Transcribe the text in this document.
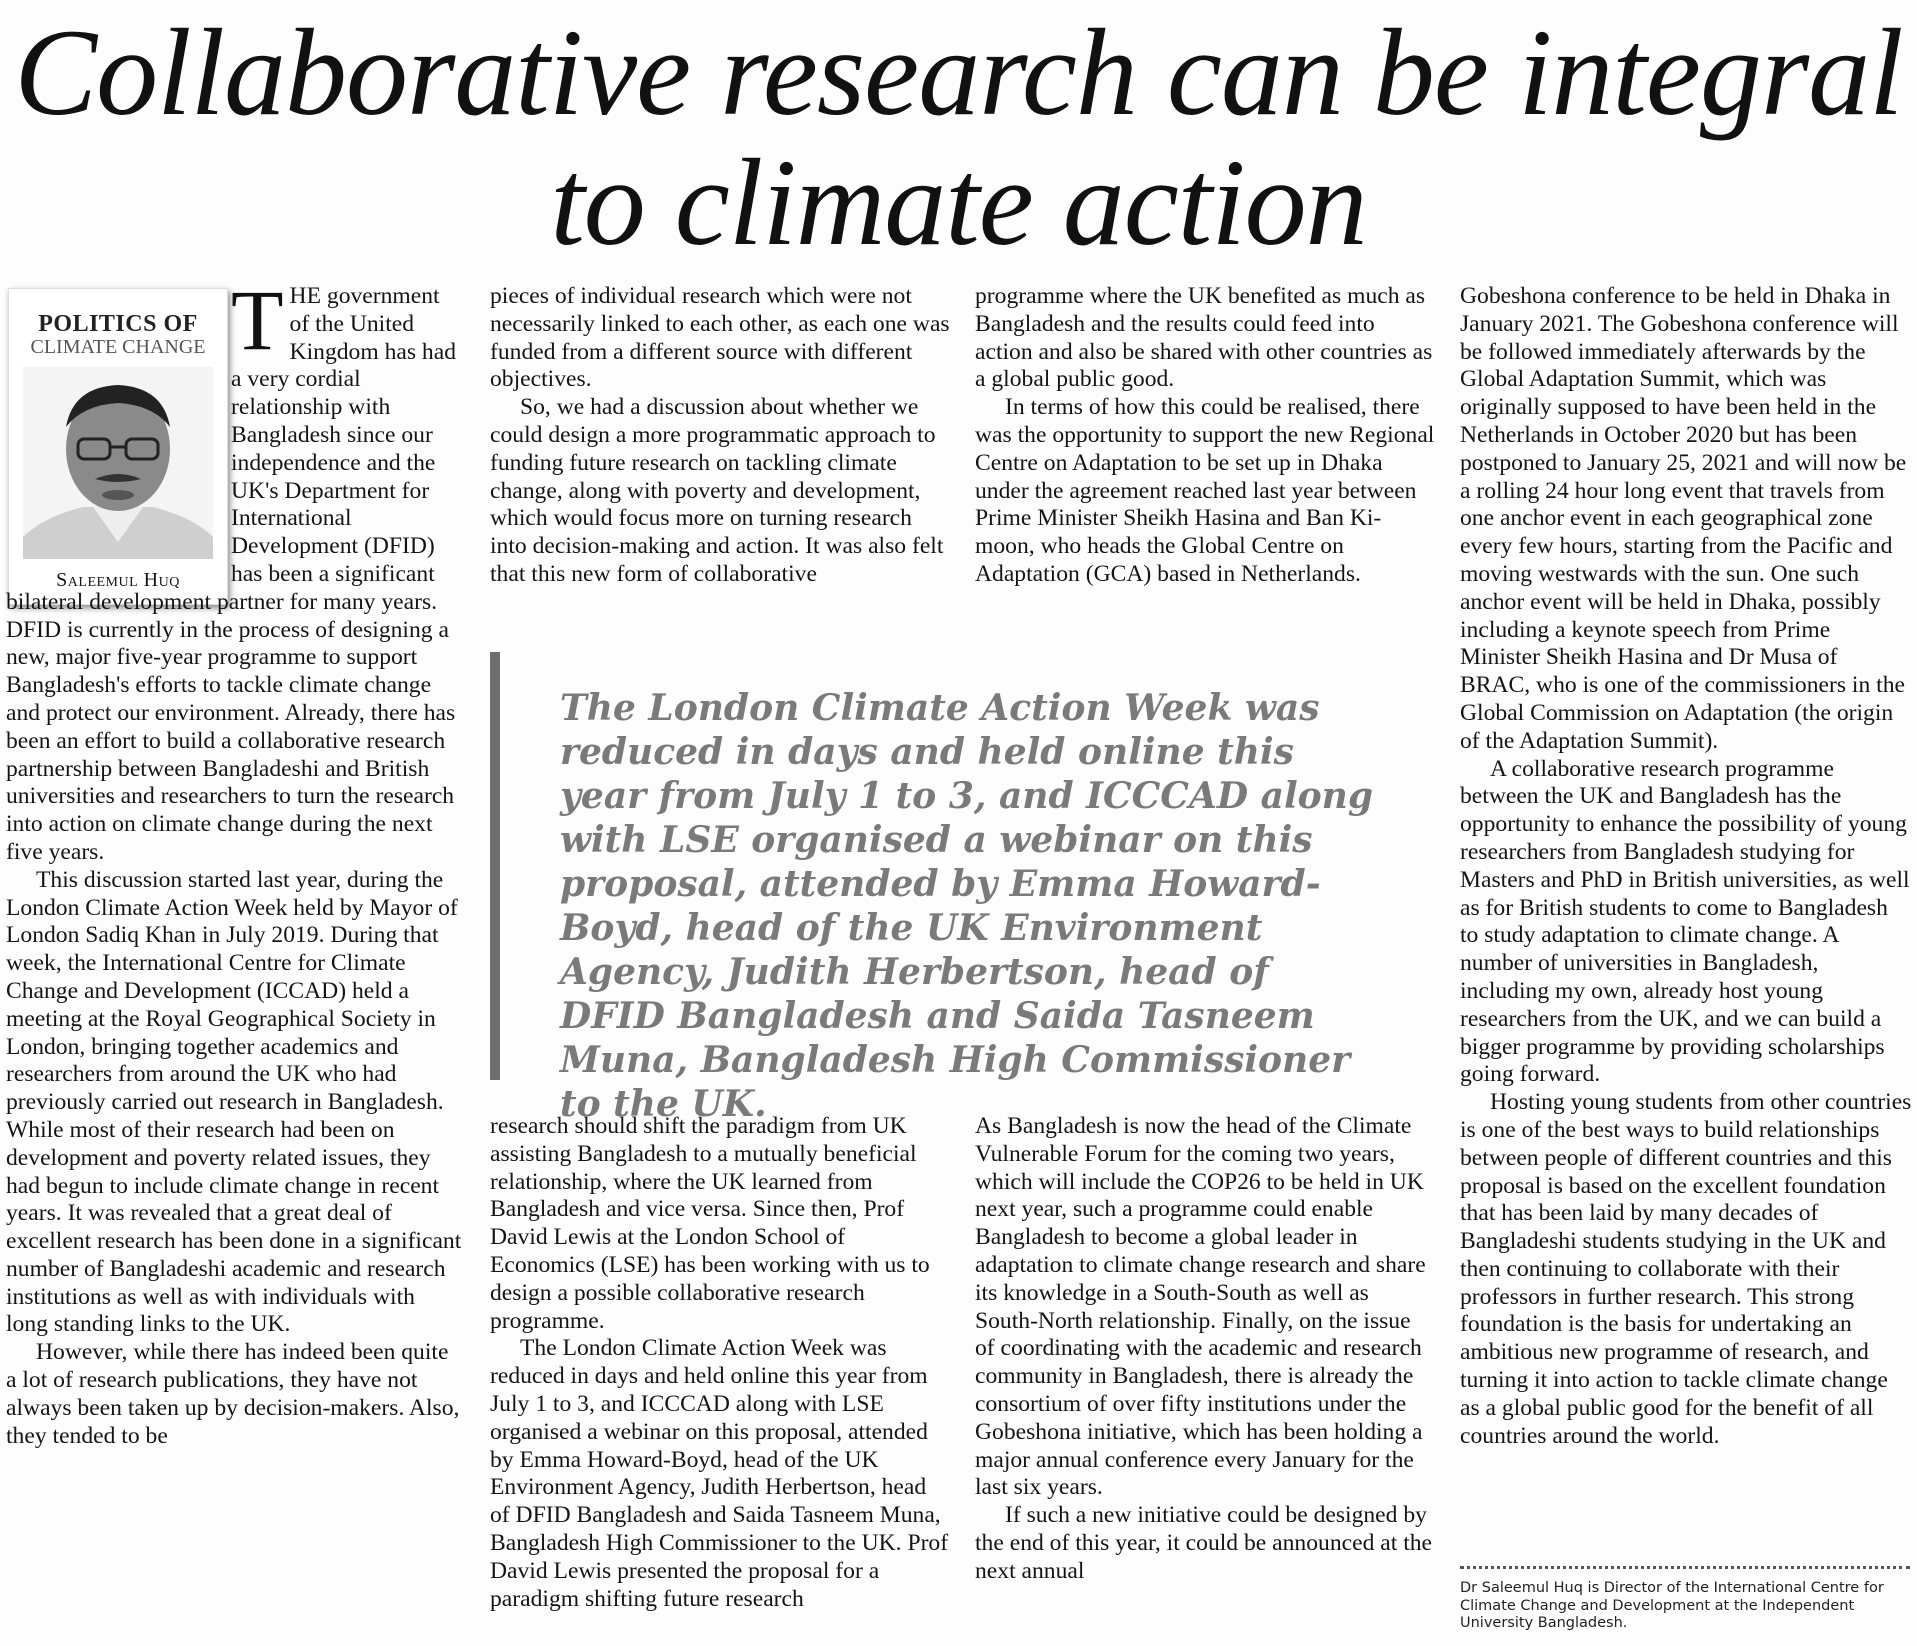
Collaborative research can be integral to climate action
POLITICS OF
CLIMATE CHANGE
Saleemul Huq

THE government of the United Kingdom has had a very cordial relationship with Bangladesh since our independence and the UK's Department for International Development (DFID) has been a significant bilateral development partner for many years. DFID is currently in the process of designing a new, major five-year programme to support Bangladesh's efforts to tackle climate change and protect our environment. Already, there has been an effort to build a collaborative research partnership between Bangladeshi and British universities and researchers to turn the research into action on climate change during the next five years.

This discussion started last year, during the London Climate Action Week held by Mayor of London Sadiq Khan in July 2019. During that week, the International Centre for Climate Change and Development (ICCAD) held a meeting at the Royal Geographical Society in London, bringing together academics and researchers from around the UK who had previously carried out research in Bangladesh. While most of their research had been on development and poverty related issues, they had begun to include climate change in recent years. It was revealed that a great deal of excellent research has been done in a significant number of Bangladeshi academic and research institutions as well as with individuals with long standing links to the UK.

However, while there has indeed been quite a lot of research publications, they have not always been taken up by decision-makers. Also, they tended to be

pieces of individual research which were not necessarily linked to each other, as each one was funded from a different source with different objectives.

So, we had a discussion about whether we could design a more programmatic approach to funding future research on tackling climate change, along with poverty and development, which would focus more on turning research into decision-making and action. It was also felt that this new form of collaborative

programme where the UK benefited as much as Bangladesh and the results could feed into action and also be shared with other countries as a global public good.

In terms of how this could be realised, there was the opportunity to support the new Regional Centre on Adaptation to be set up in Dhaka under the agreement reached last year between Prime Minister Sheikh Hasina and Ban Ki-moon, who heads the Global Centre on Adaptation (GCA) based in Netherlands.

The London Climate Action Week was reduced in days and held online this year from July 1 to 3, and ICCCAD along with LSE organised a webinar on this proposal, attended by Emma Howard-Boyd, head of the UK Environment Agency, Judith Herbertson, head of DFID Bangladesh and Saida Tasneem Muna, Bangladesh High Commissioner to the UK.

research should shift the paradigm from UK assisting Bangladesh to a mutually beneficial relationship, where the UK learned from Bangladesh and vice versa. Since then, Prof David Lewis at the London School of Economics (LSE) has been working with us to design a possible collaborative research programme.

The London Climate Action Week was reduced in days and held online this year from July 1 to 3, and ICCCAD along with LSE organised a webinar on this proposal, attended by Emma Howard-Boyd, head of the UK Environment Agency, Judith Herbertson, head of DFID Bangladesh and Saida Tasneem Muna, Bangladesh High Commissioner to the UK. Prof David Lewis presented the proposal for a paradigm shifting future research

As Bangladesh is now the head of the Climate Vulnerable Forum for the coming two years, which will include the COP26 to be held in UK next year, such a programme could enable Bangladesh to become a global leader in adaptation to climate change research and share its knowledge in a South-South as well as South-North relationship. Finally, on the issue of coordinating with the academic and research community in Bangladesh, there is already the consortium of over fifty institutions under the Gobeshona initiative, which has been holding a major annual conference every January for the last six years.

If such a new initiative could be designed by the end of this year, it could be announced at the next annual

Gobeshona conference to be held in Dhaka in January 2021. The Gobeshona conference will be followed immediately afterwards by the Global Adaptation Summit, which was originally supposed to have been held in the Netherlands in October 2020 but has been postponed to January 25, 2021 and will now be a rolling 24 hour long event that travels from one anchor event in each geographical zone every few hours, starting from the Pacific and moving westwards with the sun. One such anchor event will be held in Dhaka, possibly including a keynote speech from Prime Minister Sheikh Hasina and Dr Musa of BRAC, who is one of the commissioners in the Global Commission on Adaptation (the origin of the Adaptation Summit).

A collaborative research programme between the UK and Bangladesh has the opportunity to enhance the possibility of young researchers from Bangladesh studying for Masters and PhD in British universities, as well as for British students to come to Bangladesh to study adaptation to climate change. A number of universities in Bangladesh, including my own, already host young researchers from the UK, and we can build a bigger programme by providing scholarships going forward.

Hosting young students from other countries is one of the best ways to build relationships between people of different countries and this proposal is based on the excellent foundation that has been laid by many decades of Bangladeshi students studying in the UK and then continuing to collaborate with their professors in further research. This strong foundation is the basis for undertaking an ambitious new programme of research, and turning it into action to tackle climate change as a global public good for the benefit of all countries around the world.

Dr Saleemul Huq is Director of the International Centre for Climate Change and Development at the Independent University Bangladesh.
